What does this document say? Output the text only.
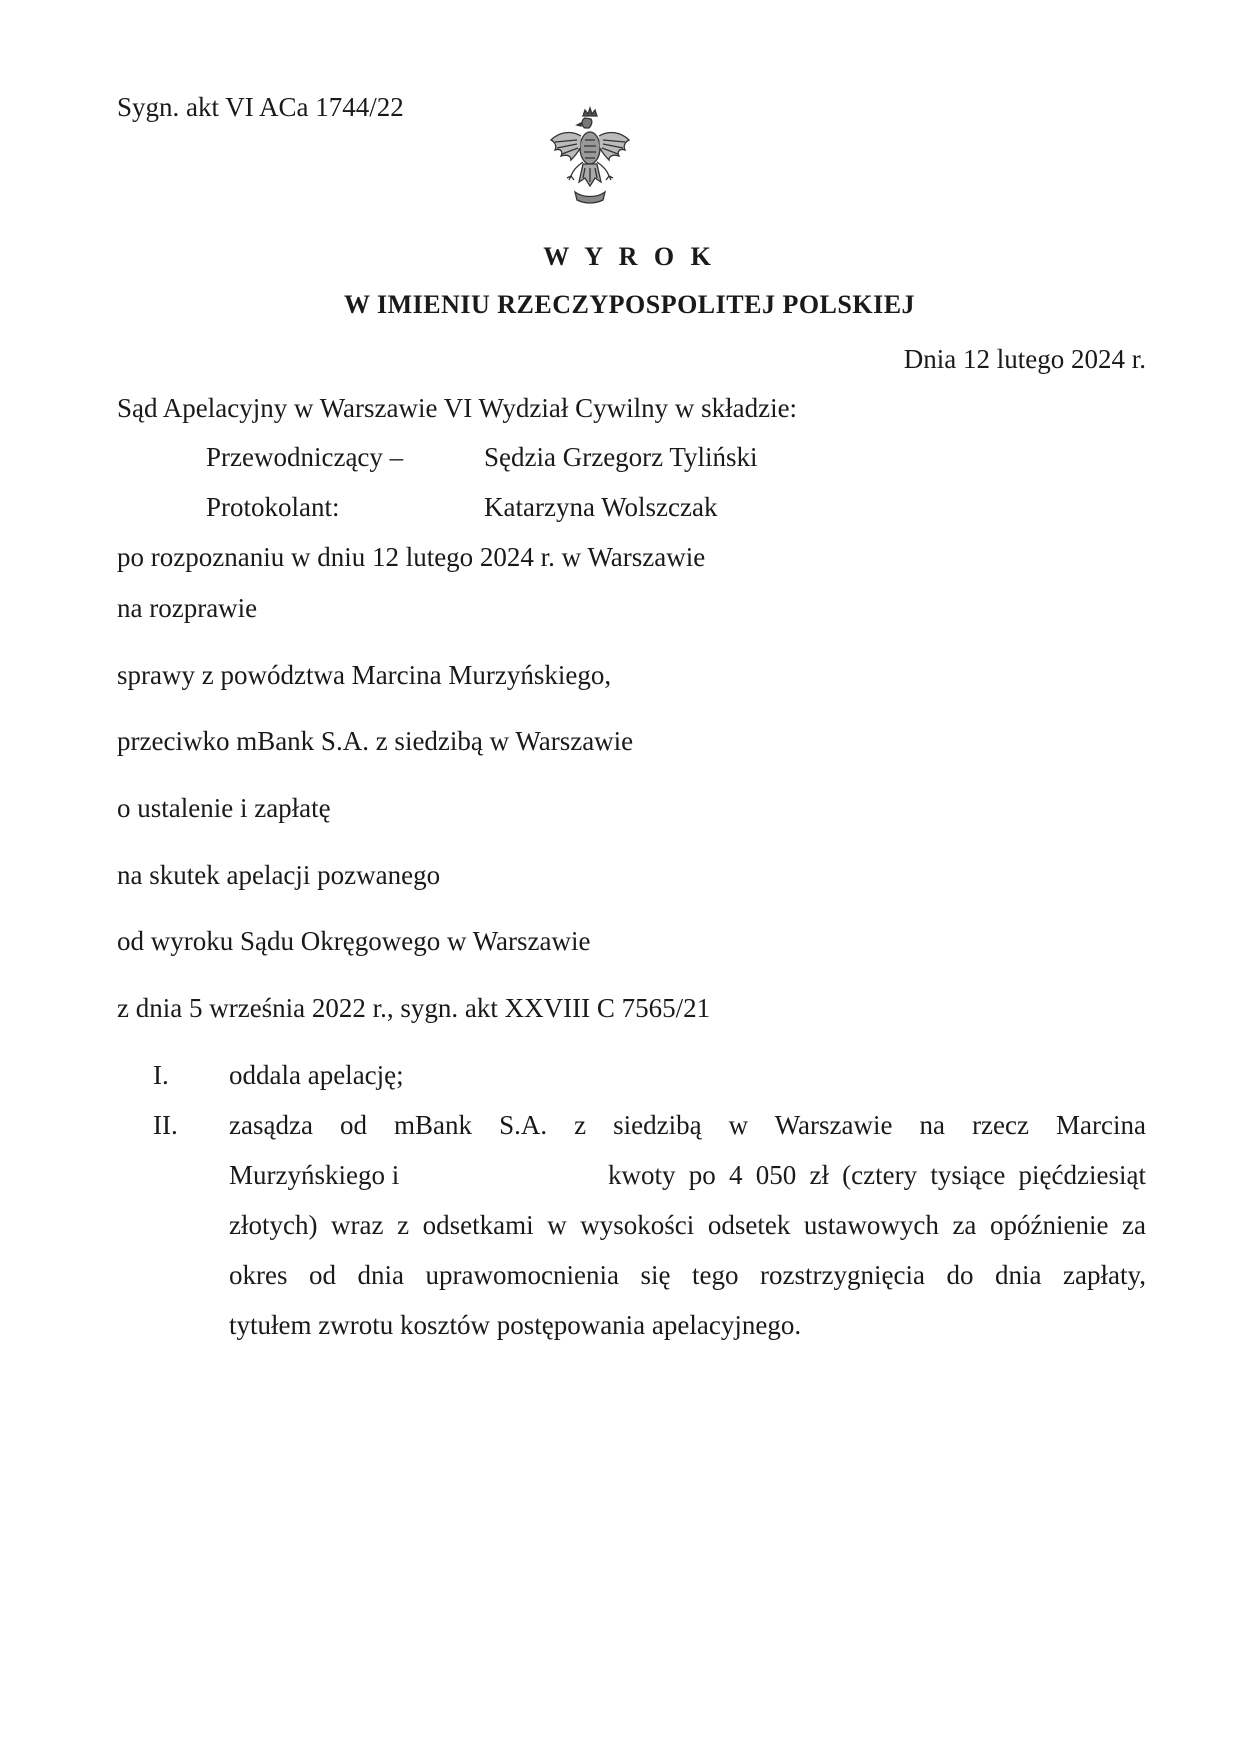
Sygn. akt VI ACa 1744/22
W Y R O K
W IMIENIU RZECZYPOSPOLITEJ POLSKIEJ
Dnia 12 lutego 2024 r.
Sąd Apelacyjny w Warszawie VI Wydział Cywilny w składzie:
Przewodniczący –	Sędzia Grzegorz Tyliński
Protokolant:	Katarzyna Wolszczak
po rozpoznaniu w dniu 12 lutego 2024 r. w Warszawie
na rozprawie
sprawy z powództwa Marcina Murzyńskiego,
przeciwko mBank S.A. z siedzibą w Warszawie
o ustalenie i zapłatę
na skutek apelacji pozwanego
od wyroku Sądu Okręgowego w Warszawie
z dnia 5 września 2022 r., sygn. akt XXVIII C 7565/21
I. oddala apelację;
II. zasądza od mBank S.A. z siedzibą w Warszawie na rzecz Marcina
Murzyńskiego i	kwoty po 4 050 zł (cztery tysiące pięćdziesiąt
złotych) wraz z odsetkami w wysokości odsetek ustawowych za opóźnienie za
okres od dnia uprawomocnienia się tego rozstrzygnięcia do dnia zapłaty,
tytułem zwrotu kosztów postępowania apelacyjnego.
